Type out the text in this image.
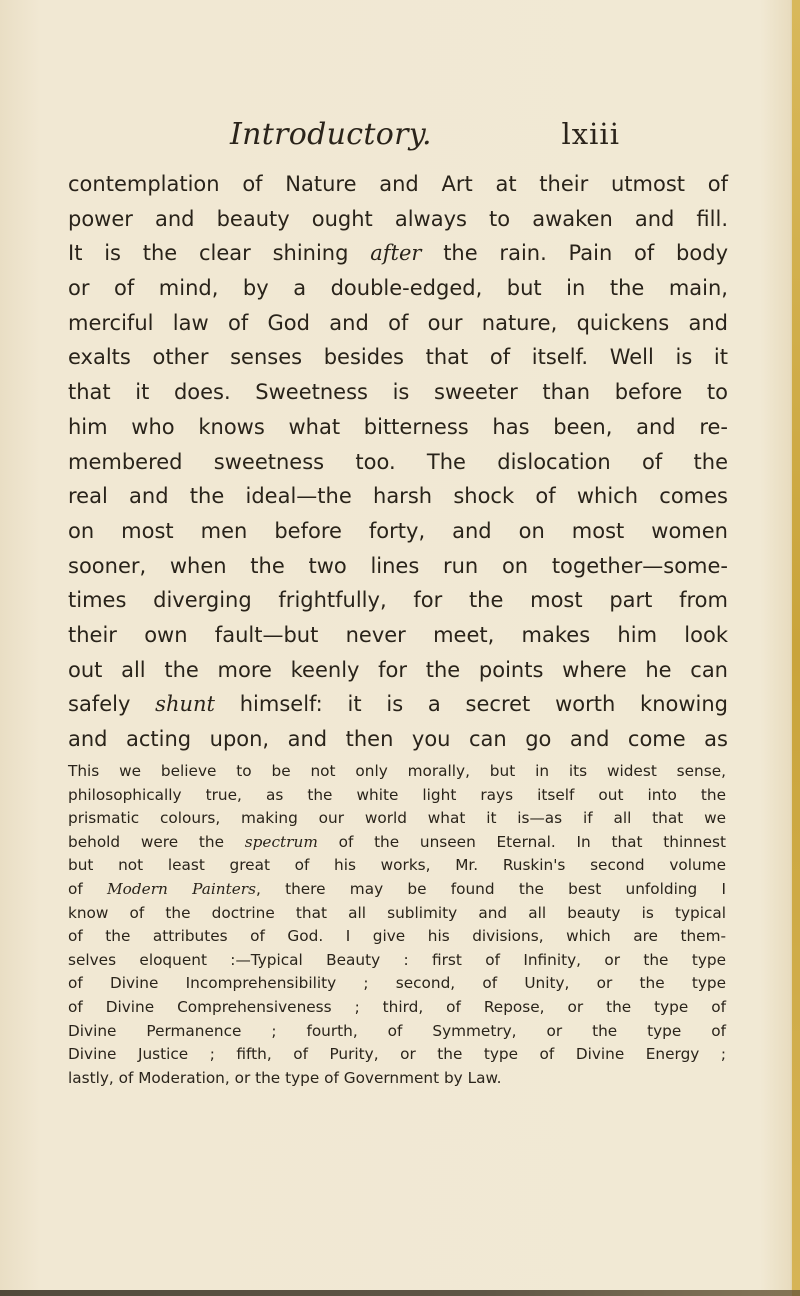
Introductory.	lxiii
contemplation of Nature and Art at their utmost of
power and beauty ought always to awaken and fill.
It is the clear shining after the rain. Pain of body
or of mind, by a double-edged, but in the main,
merciful law of God and of our nature, quickens and
exalts other senses besides that of itself. Well is it
that it does. Sweetness is sweeter than before to
him who knows what bitterness has been, and re-
membered sweetness too. The dislocation of the
real and the ideal—the harsh shock of which comes
on most men before forty, and on most women
sooner, when the two lines run on together—some-
times diverging frightfully, for the most part from
their own fault—but never meet, makes him look
out all the more keenly for the points where he can
safely shunt himself: it is a secret worth knowing
and acting upon, and then you can go and come as
This we believe to be not only morally, but in its widest sense,
philosophically true, as the white light rays itself out into the
prismatic colours, making our world what it is—as if all that we
behold were the spectrum of the unseen Eternal. In that thinnest
but not least great of his works, Mr. Ruskin's second volume
of Modern Painters, there may be found the best unfolding I
know of the doctrine that all sublimity and all beauty is typical
of the attributes of God. I give his divisions, which are them-
selves eloquent :—Typical Beauty : first of Infinity, or the type
of Divine Incomprehensibility ; second, of Unity, or the type
of Divine Comprehensiveness ; third, of Repose, or the type of
Divine Permanence ; fourth, of Symmetry, or the type of
Divine Justice ; fifth, of Purity, or the type of Divine Energy ;
lastly, of Moderation, or the type of Government by Law.
